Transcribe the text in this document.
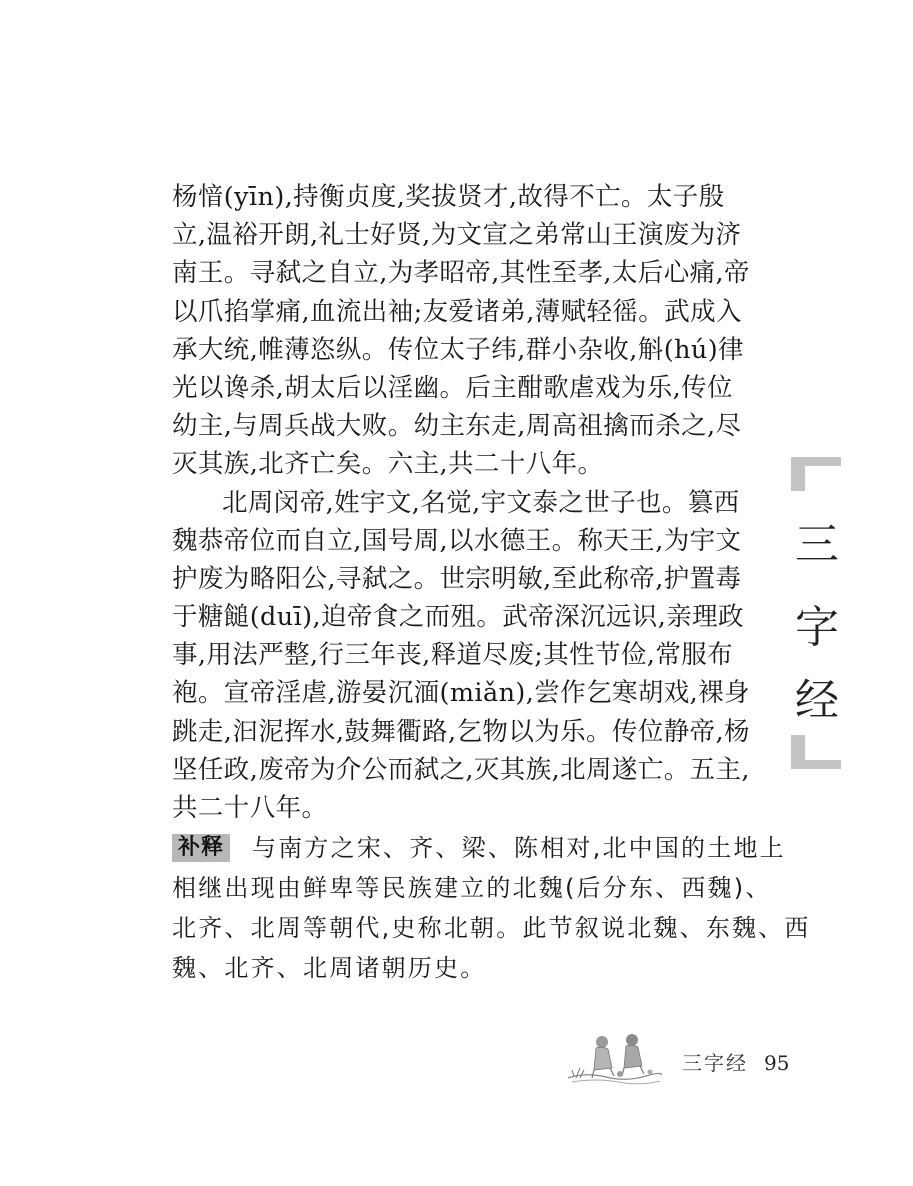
杨愔(yīn),持衡贞度,奖拔贤才,故得不亡。太子殷
立,温裕开朗,礼士好贤,为文宣之弟常山王演废为济
南王。寻弑之自立,为孝昭帝,其性至孝,太后心痛,帝
以爪掐掌痛,血流出袖;友爱诸弟,薄赋轻徭。武成入
承大统,帷薄恣纵。传位太子纬,群小杂收,斛(hú)律
光以谗杀,胡太后以淫幽。后主酣歌虐戏为乐,传位
幼主,与周兵战大败。幼主东走,周高祖擒而杀之,尽
灭其族,北齐亡矣。六主,共二十八年。
北周闵帝,姓宇文,名觉,宇文泰之世子也。篡西
魏恭帝位而自立,国号周,以水德王。称天王,为宇文
护废为略阳公,寻弑之。世宗明敏,至此称帝,护置毒
于糖䭔(duī),迫帝食之而殂。武帝深沉远识,亲理政
事,用法严整,行三年丧,释道尽废;其性节俭,常服布
袍。宣帝淫虐,游晏沉湎(miǎn),尝作乞寒胡戏,裸身
跳走,汩泥挥水,鼓舞衢路,乞物以为乐。传位静帝,杨
坚任政,废帝为介公而弑之,灭其族,北周遂亡。五主,
共二十八年。
补释 与南方之宋、齐、梁、陈相对,北中国的土地上
相继出现由鲜卑等民族建立的北魏(后分东、西魏)、
北齐、北周等朝代,史称北朝。此节叙说北魏、东魏、西
魏、北齐、北周诸朝历史。
三
字
经
三字经 95
